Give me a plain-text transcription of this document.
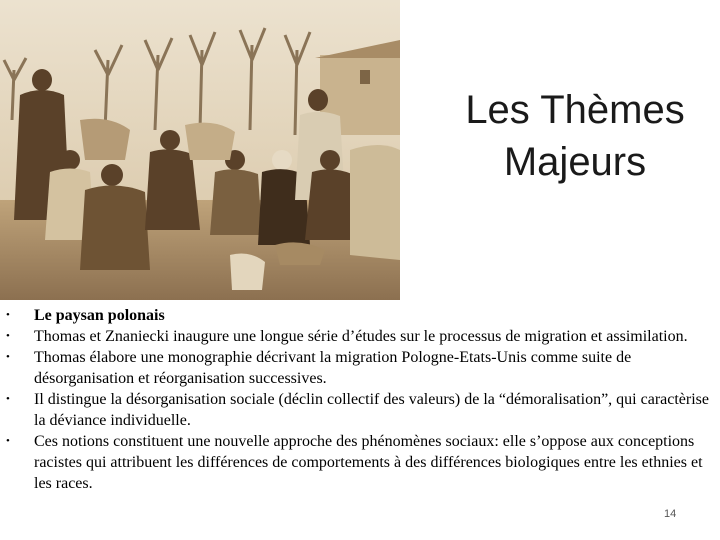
Les Thèmes
Majeurs
•	Le paysan polonais
•	Thomas et Znaniecki inaugure une longue série d’études sur le processus de migration et assimilation.
•	Thomas élabore une monographie décrivant la migration Pologne-Etats-Unis comme suite de désorganisation et réorganisation successives.
•	Il distingue la désorganisation sociale (déclin collectif des valeurs) de la “démoralisation”, qui caractèrise la déviance individuelle.
•	Ces notions constituent une nouvelle approche des phénomènes sociaux: elle s’oppose aux conceptions racistes qui attribuent les différences de comportements à des différences biologiques entre les ethnies et les races.
14
